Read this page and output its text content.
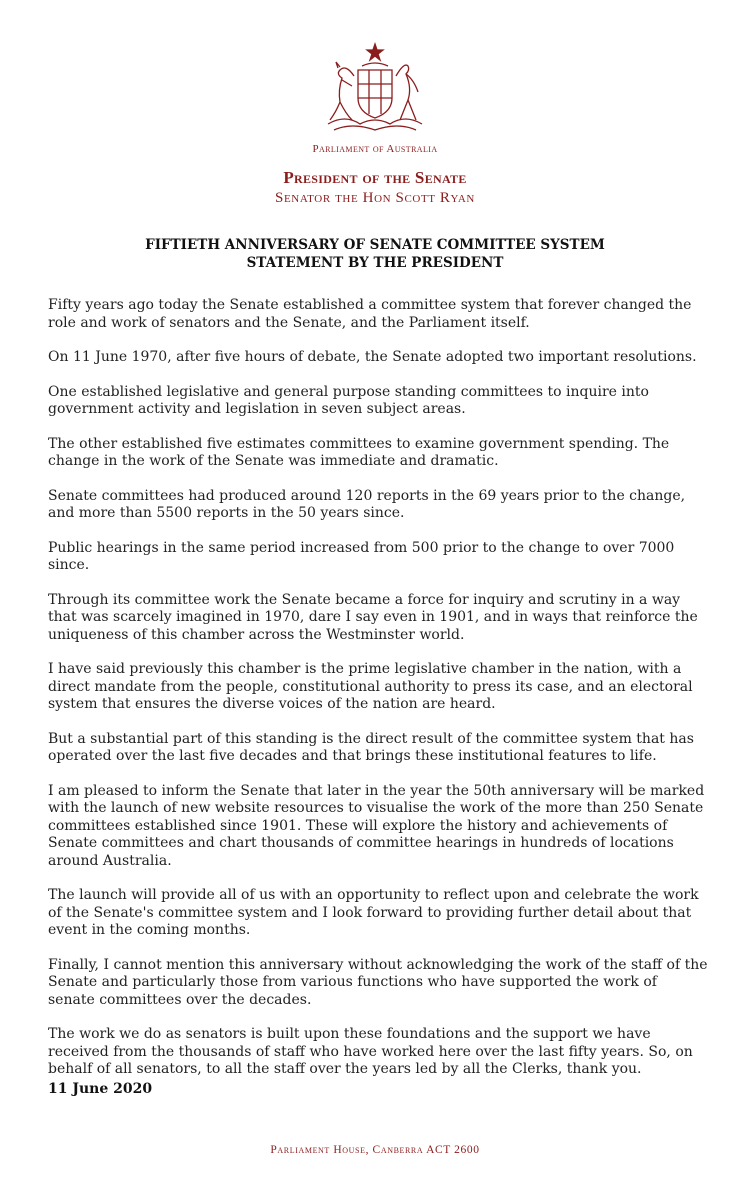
Parliament of Australia
President of the Senate
Senator the Hon Scott Ryan
FIFTIETH ANNIVERSARY OF SENATE COMMITTEE SYSTEM
STATEMENT BY THE PRESIDENT

Fifty years ago today the Senate established a committee system that forever changed the role and work of senators and the Senate, and the Parliament itself.

On 11 June 1970, after five hours of debate, the Senate adopted two important resolutions.

One established legislative and general purpose standing committees to inquire into government activity and legislation in seven subject areas.

The other established five estimates committees to examine government spending. The change in the work of the Senate was immediate and dramatic.

Senate committees had produced around 120 reports in the 69 years prior to the change, and more than 5500 reports in the 50 years since.

Public hearings in the same period increased from 500 prior to the change to over 7000 since.

Through its committee work the Senate became a force for inquiry and scrutiny in a way that was scarcely imagined in 1970, dare I say even in 1901, and in ways that reinforce the uniqueness of this chamber across the Westminster world.

I have said previously this chamber is the prime legislative chamber in the nation, with a direct mandate from the people, constitutional authority to press its case, and an electoral system that ensures the diverse voices of the nation are heard.

But a substantial part of this standing is the direct result of the committee system that has operated over the last five decades and that brings these institutional features to life.

I am pleased to inform the Senate that later in the year the 50th anniversary will be marked with the launch of new website resources to visualise the work of the more than 250 Senate committees established since 1901. These will explore the history and achievements of Senate committees and chart thousands of committee hearings in hundreds of locations around Australia.

The launch will provide all of us with an opportunity to reflect upon and celebrate the work of the Senate's committee system and I look forward to providing further detail about that event in the coming months.

Finally, I cannot mention this anniversary without acknowledging the work of the staff of the Senate and particularly those from various functions who have supported the work of senate committees over the decades.

The work we do as senators is built upon these foundations and the support we have received from the thousands of staff who have worked here over the last fifty years. So, on behalf of all senators, to all the staff over the years led by all the Clerks, thank you.

11 June 2020
Parliament House, Canberra ACT 2600
